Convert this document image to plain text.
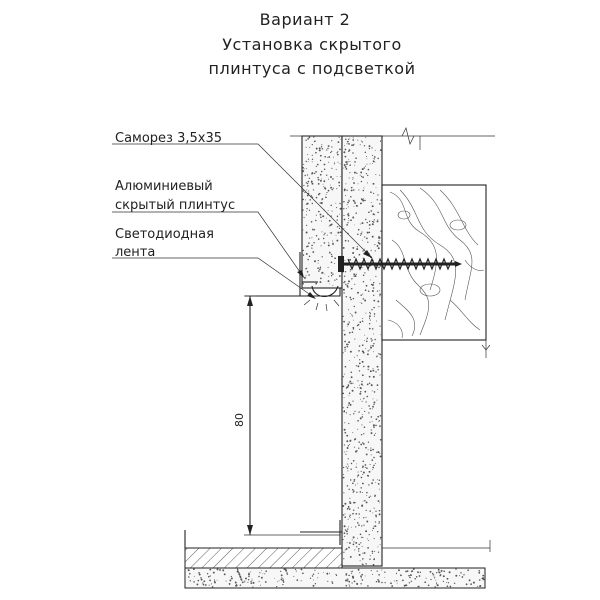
Вариант 2
Установка скрытого
плинтуса с подсветкой
80
Саморез 3,5х35
Алюминиевый
скрытый плинтус
Светодиодная
лента
